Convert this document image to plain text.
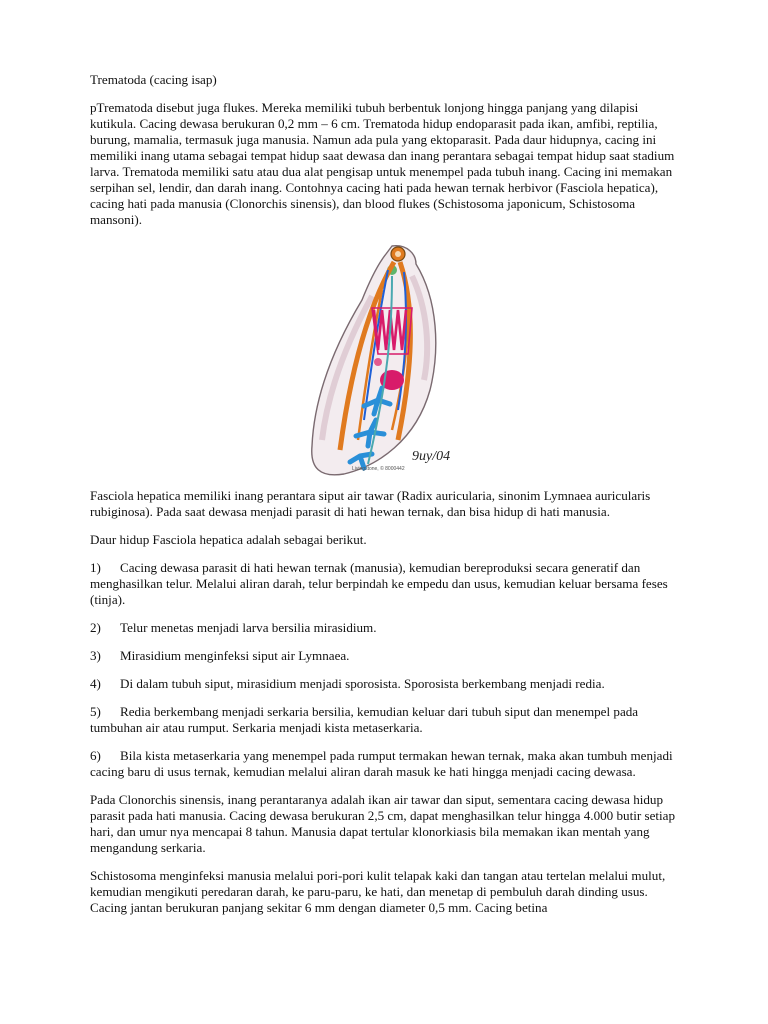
Trematoda (cacing isap)

pTrematoda disebut juga flukes. Mereka memiliki tubuh berbentuk lonjong hingga panjang yang dilapisi kutikula. Cacing dewasa berukuran 0,2 mm – 6 cm. Trematoda hidup endoparasit pada ikan, amfibi, reptilia, burung, mamalia, termasuk juga manusia. Namun ada pula yang ektoparasit. Pada daur hidupnya, cacing ini memiliki inang utama sebagai tempat hidup saat dewasa dan inang perantara sebagai tempat hidup saat stadium larva. Trematoda memiliki satu atau dua alat pengisap untuk menempel pada tubuh inang. Cacing ini memakan serpihan sel, lendir, dan darah inang. Contohnya cacing hati pada hewan ternak herbivor (Fasciola hepatica), cacing hati pada manusia (Clonorchis sinensis), dan blood flukes (Schistosoma japonicum, Schistosoma mansoni).

Livingstone, © 8000442
9uy/04

Fasciola hepatica memiliki inang perantara siput air tawar (Radix auricularia, sinonim Lymnaea auricularis rubiginosa). Pada saat dewasa menjadi parasit di hati hewan ternak, dan bisa hidup di hati manusia.

Daur hidup Fasciola hepatica adalah sebagai berikut.

1) Cacing dewasa parasit di hati hewan ternak (manusia), kemudian bereproduksi secara generatif dan menghasilkan telur. Melalui aliran darah, telur berpindah ke empedu dan usus, kemudian keluar bersama feses (tinja).

2) Telur menetas menjadi larva bersilia mirasidium.

3) Mirasidium menginfeksi siput air Lymnaea.

4) Di dalam tubuh siput, mirasidium menjadi sporosista. Sporosista berkembang menjadi redia.

5) Redia berkembang menjadi serkaria bersilia, kemudian keluar dari tubuh siput dan menempel pada tumbuhan air atau rumput. Serkaria menjadi kista metaserkaria.

6) Bila kista metaserkaria yang menempel pada rumput termakan hewan ternak, maka akan tumbuh menjadi cacing baru di usus ternak, kemudian melalui aliran darah masuk ke hati hingga menjadi cacing dewasa.

Pada Clonorchis sinensis, inang perantaranya adalah ikan air tawar dan siput, sementara cacing dewasa hidup parasit pada hati manusia. Cacing dewasa berukuran 2,5 cm, dapat menghasilkan telur hingga 4.000 butir setiap hari, dan umur nya mencapai 8 tahun. Manusia dapat tertular klonorkiasis bila memakan ikan mentah yang mengandung serkaria.

Schistosoma menginfeksi manusia melalui pori-pori kulit telapak kaki dan tangan atau tertelan melalui mulut, kemudian mengikuti peredaran darah, ke paru-paru, ke hati, dan menetap di pembuluh darah dinding usus. Cacing jantan berukuran panjang sekitar 6 mm dengan diameter 0,5 mm. Cacing betina
